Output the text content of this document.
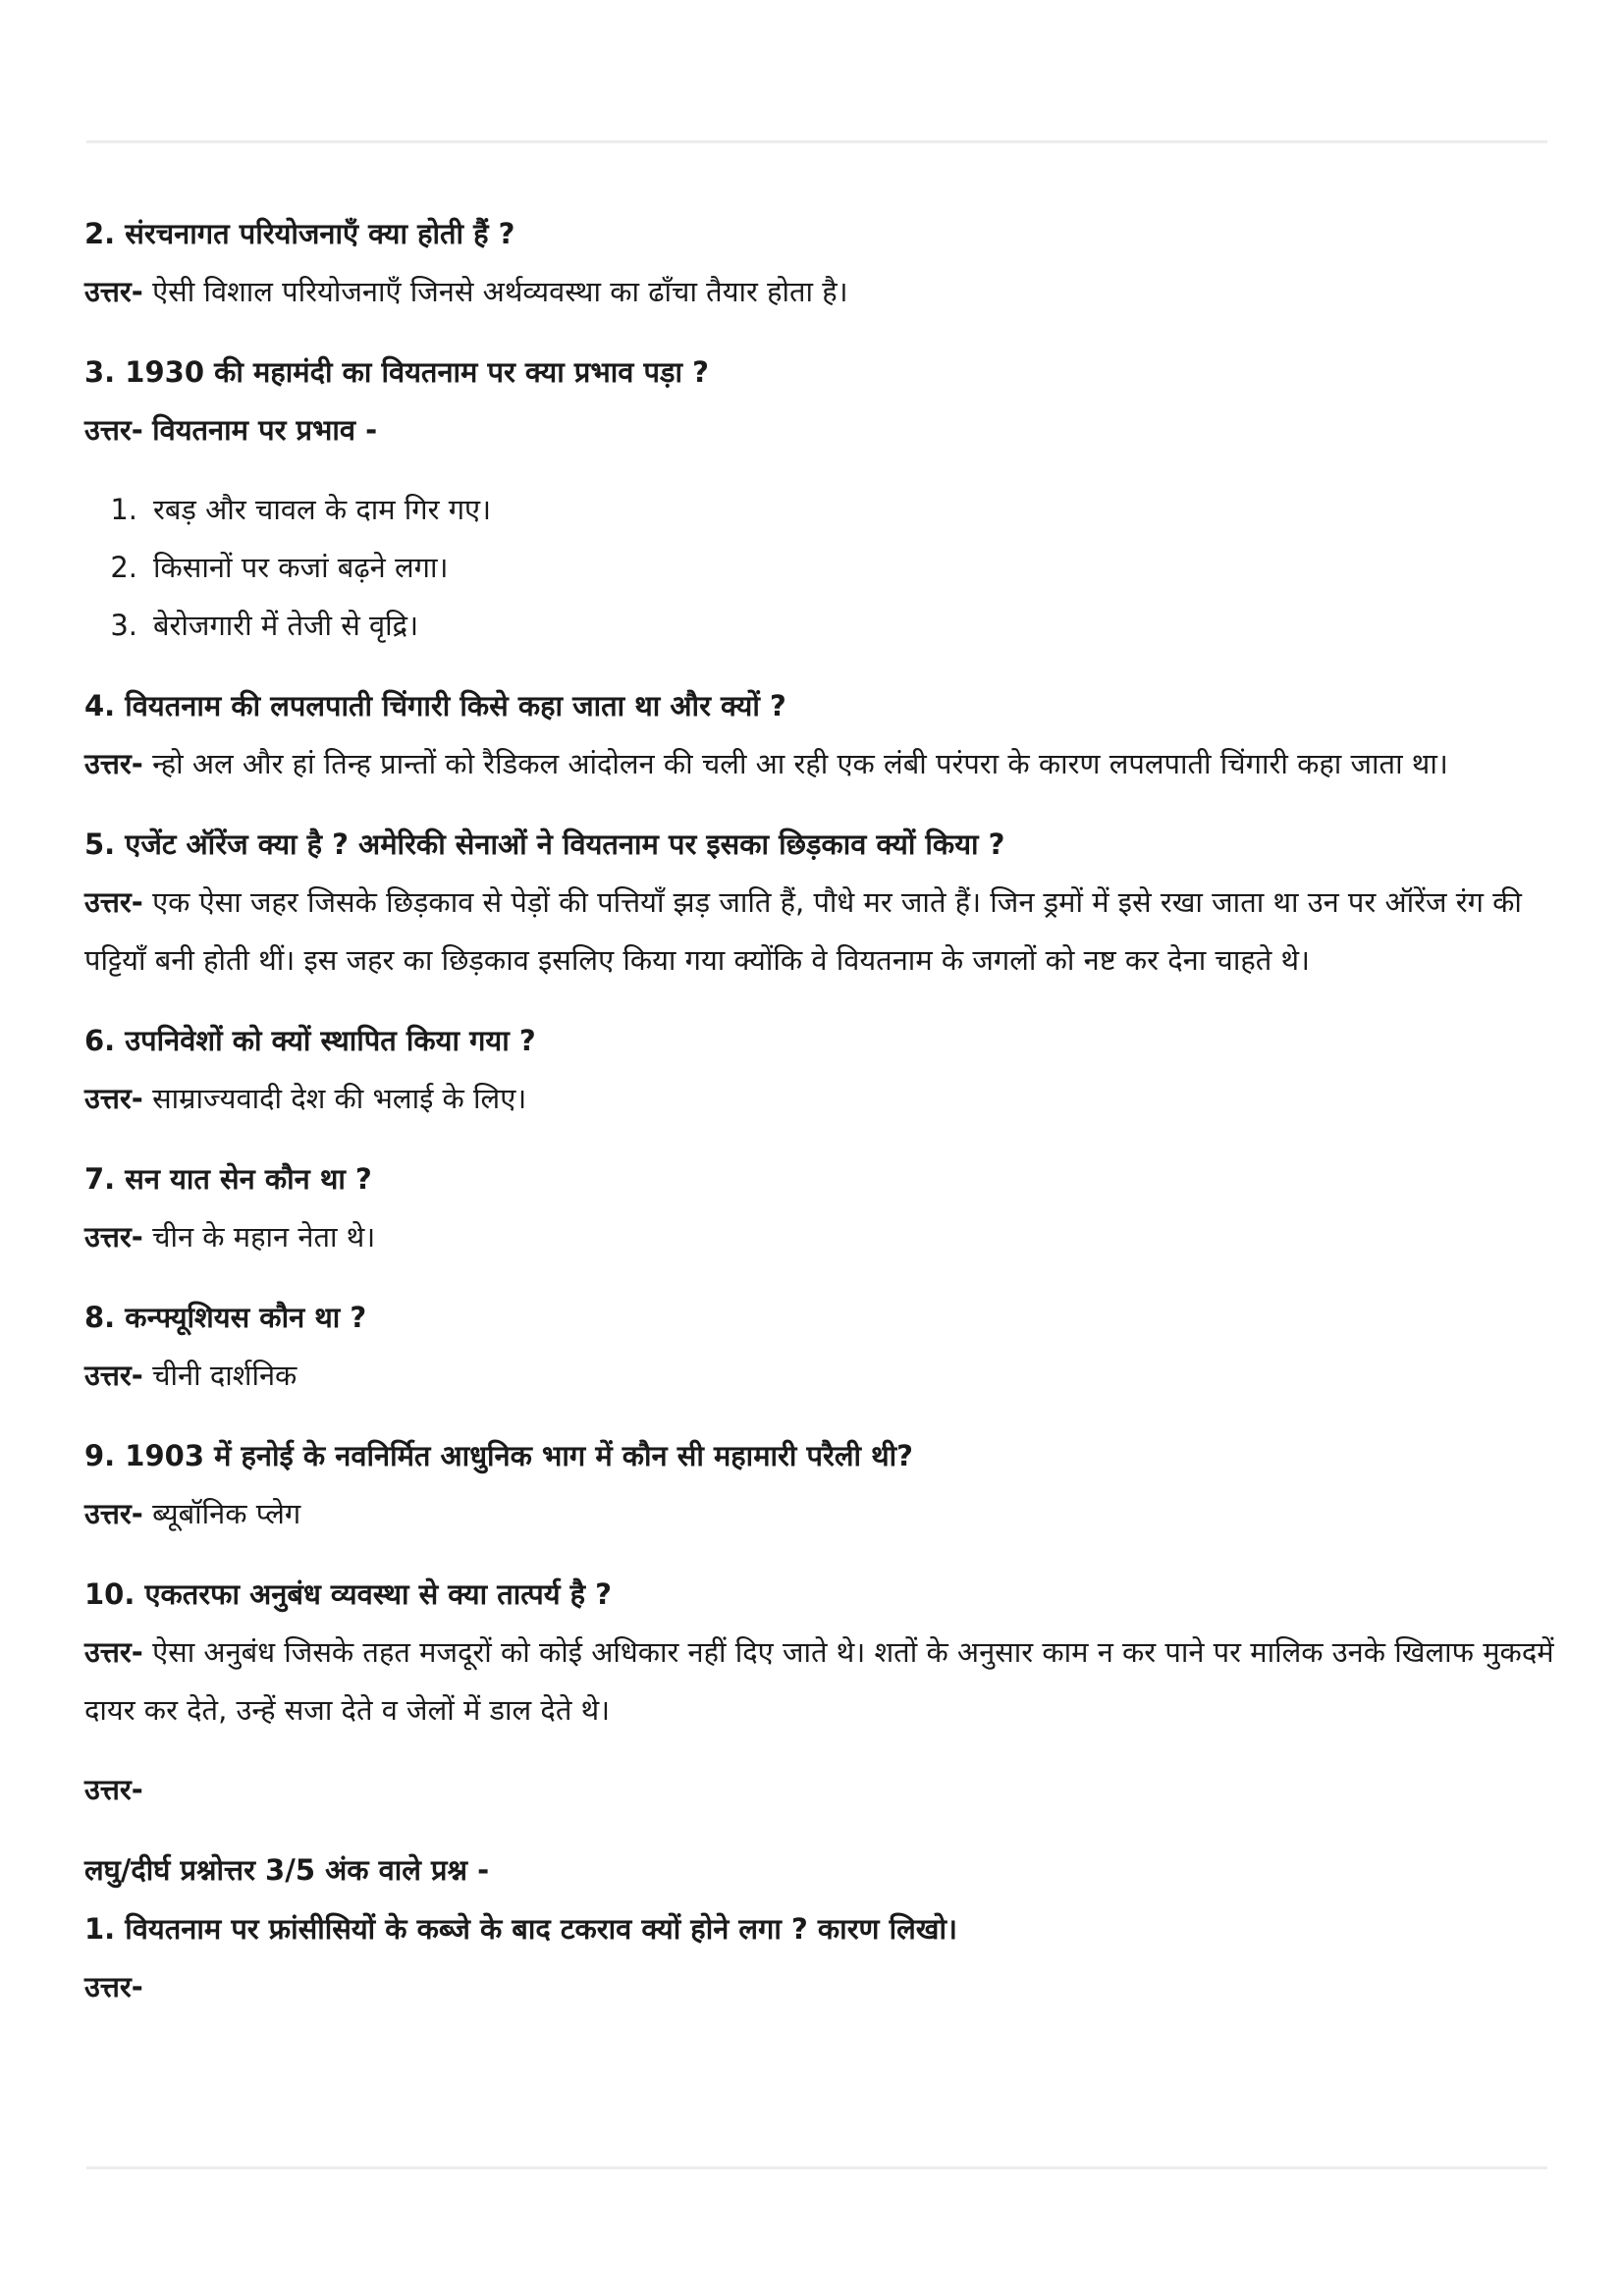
2. संरचनागत परियोजनाएँ क्या होती हैं ?

उत्तर- ऐसी विशाल परियोजनाएँ जिनसे अर्थव्यवस्था का ढाँचा तैयार होता है।

3. 1930 की महामंदी का वियतनाम पर क्या प्रभाव पड़ा ?

उत्तर- वियतनाम पर प्रभाव -

1. रबड़ और चावल के दाम गिर गए।
2. किसानों पर कजां बढ़ने लगा।
3. बेरोजगारी में तेजी से वृद्रि।

4. वियतनाम की लपलपाती चिंगारी किसे कहा जाता था और क्यों ?

उत्तर- न्हो अल और हां तिन्ह प्रान्तों को रैडिकल आंदोलन की चली आ रही एक लंबी परंपरा के कारण लपलपाती चिंगारी कहा जाता था।

5. एजेंट ऑरेंज क्या है ? अमेरिकी सेनाओं ने वियतनाम पर इसका छिड़काव क्यों किया ?

उत्तर- एक ऐसा जहर जिसके छिड़काव से पेड़ों की पत्तियाँ झड़ जाति हैं, पौधे मर जाते हैं। जिन ड्रमों में इसे रखा जाता था उन पर ऑरेंज रंग की पट्टियाँ बनी होती थीं। इस जहर का छिड़काव इसलिए किया गया क्योंकि वे वियतनाम के जगलों को नष्ट कर देना चाहते थे।

6. उपनिवेशों को क्यों स्थापित किया गया ?

उत्तर- साम्राज्यवादी देश की भलाई के लिए।

7. सन यात सेन कौन था ?

उत्तर- चीन के महान नेता थे।

8. कन्फ्यूशियस कौन था ?

उत्तर- चीनी दार्शनिक

9. 1903 में हनोई के नवनिर्मित आधुनिक भाग में कौन सी महामारी परैली थी?

उत्तर- ब्यूबॉनिक प्लेग

10. एकतरफा अनुबंध व्यवस्था से क्या तात्पर्य है ?

उत्तर- ऐसा अनुबंध जिसके तहत मजदूरों को कोई अधिकार नहीं दिए जाते थे। शतों के अनुसार काम न कर पाने पर मालिक उनके खिलाफ मुकदमें दायर कर देते, उन्हें सजा देते व जेलों में डाल देते थे।

उत्तर-

लघु/दीर्घ प्रश्नोत्तर 3/5 अंक वाले प्रश्न -

1. वियतनाम पर फ्रांसीसियों के कब्जे के बाद टकराव क्यों होने लगा ? कारण लिखो।

उत्तर-
